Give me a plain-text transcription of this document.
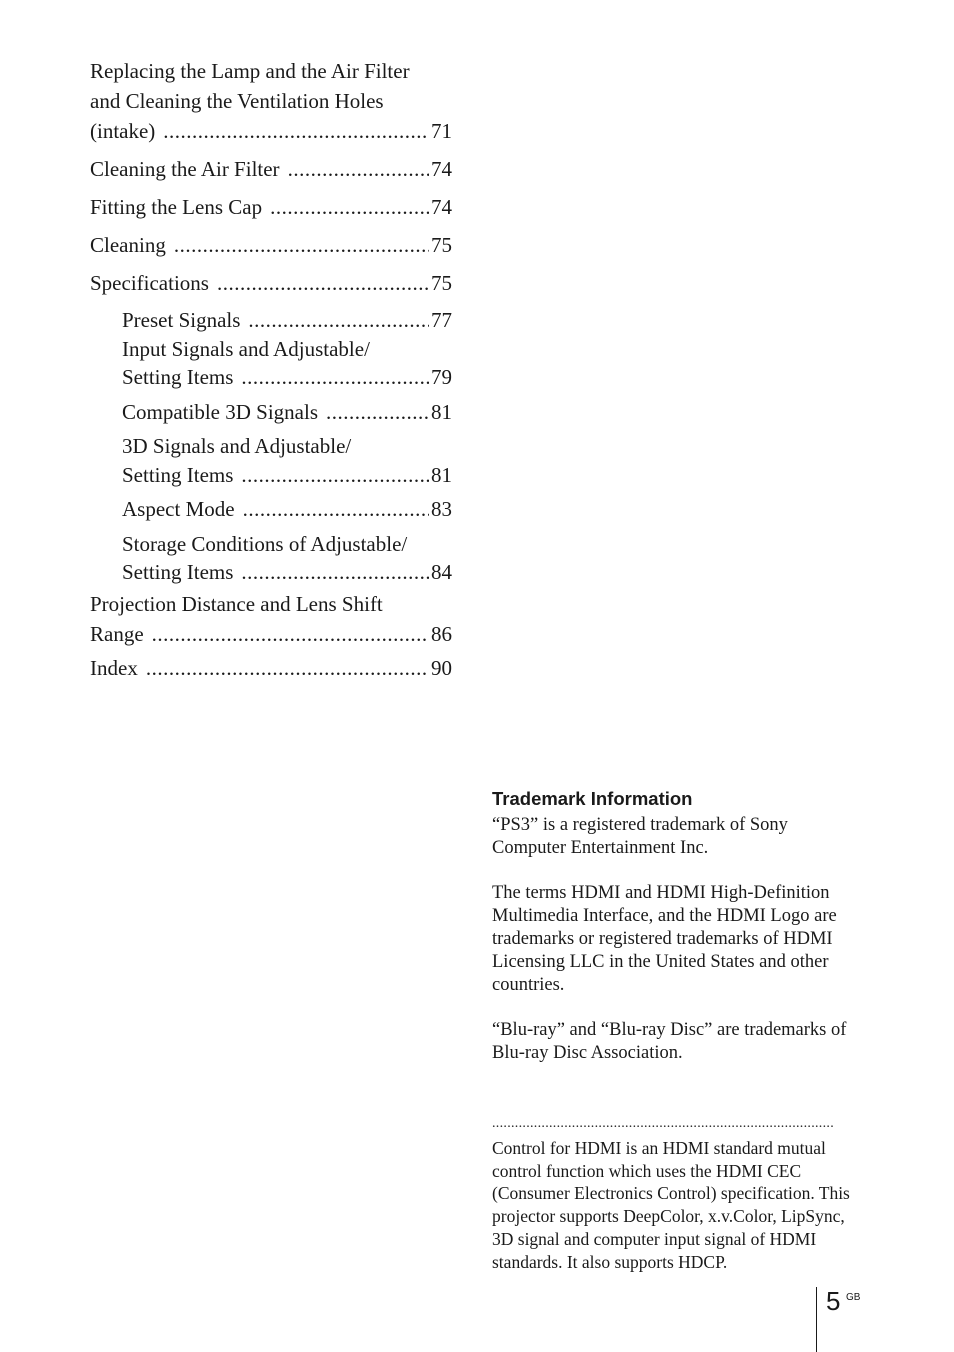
Replacing the Lamp and the Air Filter
and Cleaning the Ventilation Holes
(intake) .....	71
Cleaning the Air Filter .....	74
Fitting the Lens Cap .....	74
Cleaning .....	75
Specifications .....	75
Preset Signals .....	77
Input Signals and Adjustable/
Setting Items .....	79
Compatible 3D Signals .....	81
3D Signals and Adjustable/
Setting Items .....	81
Aspect Mode .....	83
Storage Conditions of Adjustable/
Setting Items .....	84
Projection Distance and Lens Shift
Range .....	86
Index .....	90
Trademark Information

“PS3” is a registered trademark of Sony Computer Entertainment Inc.

The terms HDMI and HDMI High-Definition Multimedia Interface, and the HDMI Logo are trademarks or registered trademarks of HDMI Licensing LLC in the United States and other countries.

“Blu-ray” and “Blu-ray Disc” are trademarks of Blu-ray Disc Association.

..........................................................................................

Control for HDMI is an HDMI standard mutual control function which uses the HDMI CEC (Consumer Electronics Control) specification. This projector supports DeepColor, x.v.Color, LipSync, 3D signal and computer input signal of HDMI standards. It also supports HDCP.

5 GB
